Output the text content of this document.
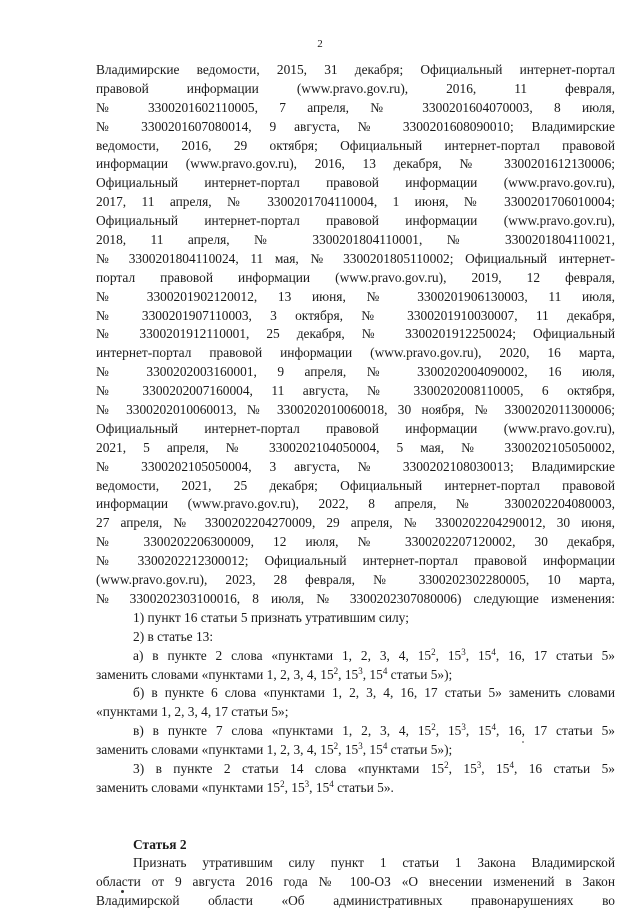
2

Владимирские ведомости, 2015, 31 декабря; Официальный интернет-портал

правовой информации (www.pravo.gov.ru), 2016, 11 февраля,

№ 3300201602110005, 7 апреля, № 3300201604070003, 8 июля,

№ 3300201607080014, 9 августа, № 3300201608090010; Владимирские

ведомости, 2016, 29 октября; Официальный интернет-портал правовой

информации (www.pravo.gov.ru), 2016, 13 декабря, № 3300201612130006;

Официальный интернет-портал правовой информации (www.pravo.gov.ru),

2017, 11 апреля, № 3300201704110004, 1 июня, № 3300201706010004;

Официальный интернет-портал правовой информации (www.pravo.gov.ru),

2018, 11 апреля, № 3300201804110001, № 3300201804110021,

№ 3300201804110024, 11 мая, № 3300201805110002; Официальный интернет-

портал правовой информации (www.pravo.gov.ru), 2019, 12 февраля,

№ 3300201902120012, 13 июня, № 3300201906130003, 11 июля,

№ 3300201907110003, 3 октября, № 3300201910030007, 11 декабря,

№ 3300201912110001, 25 декабря, № 3300201912250024; Официальный

интернет-портал правовой информации (www.pravo.gov.ru), 2020, 16 марта,

№ 3300202003160001, 9 апреля, № 3300202004090002, 16 июля,

№ 3300202007160004, 11 августа, № 3300202008110005, 6 октября,

№ 3300202010060013, № 3300202010060018, 30 ноября, № 3300202011300006;

Официальный интернет-портал правовой информации (www.pravo.gov.ru),

2021, 5 апреля, № 3300202104050004, 5 мая, № 3300202105050002,

№ 3300202105050004, 3 августа, № 3300202108030013; Владимирские

ведомости, 2021, 25 декабря; Официальный интернет-портал правовой

информации (www.pravo.gov.ru), 2022, 8 апреля, № 3300202204080003,

27 апреля, № 3300202204270009, 29 апреля, № 3300202204290012, 30 июня,

№ 3300202206300009, 12 июля, № 3300202207120002, 30 декабря,

№ 3300202212300012; Официальный интернет-портал правовой информации

(www.pravo.gov.ru), 2023, 28 февраля, № 3300202302280005, 10 марта,

№ 3300202303100016, 8 июля, № 3300202307080006) следующие изменения:

1) пункт 16 статьи 5 признать утратившим силу;

2) в статье 13:

а) в пункте 2 слова «пунктами 1, 2, 3, 4, $15^2$, $15^3$, $15^4$, 16, 17 статьи 5»

заменить словами «пунктами 1, 2, 3, 4, $15^2$, $15^3$, $15^4$ статьи 5»);

б) в пункте 6 слова «пунктами 1, 2, 3, 4, 16, 17 статьи 5» заменить словами

«пунктами 1, 2, 3, 4, 17 статьи 5»;

в) в пункте 7 слова «пунктами 1, 2, 3, 4, $15^2$, $15^3$, $15^4$, 16, 17 статьи 5»

заменить словами «пунктами 1, 2, 3, 4, $15^2$, $15^3$, $15^4$ статьи 5»);

3) в пункте 2 статьи 14 слова «пунктами $15^2$, $15^3$, $15^4$, 16 статьи 5»

заменить словами «пунктами $15^2$, $15^3$, $15^4$ статьи 5».

Статья 2

Признать утратившим силу пункт 1 статьи 1 Закона Владимирской

области от 9 августа 2016 года № 100-ОЗ «О внесении изменений в Закон

Владимирской области «Об административных правонарушениях во
